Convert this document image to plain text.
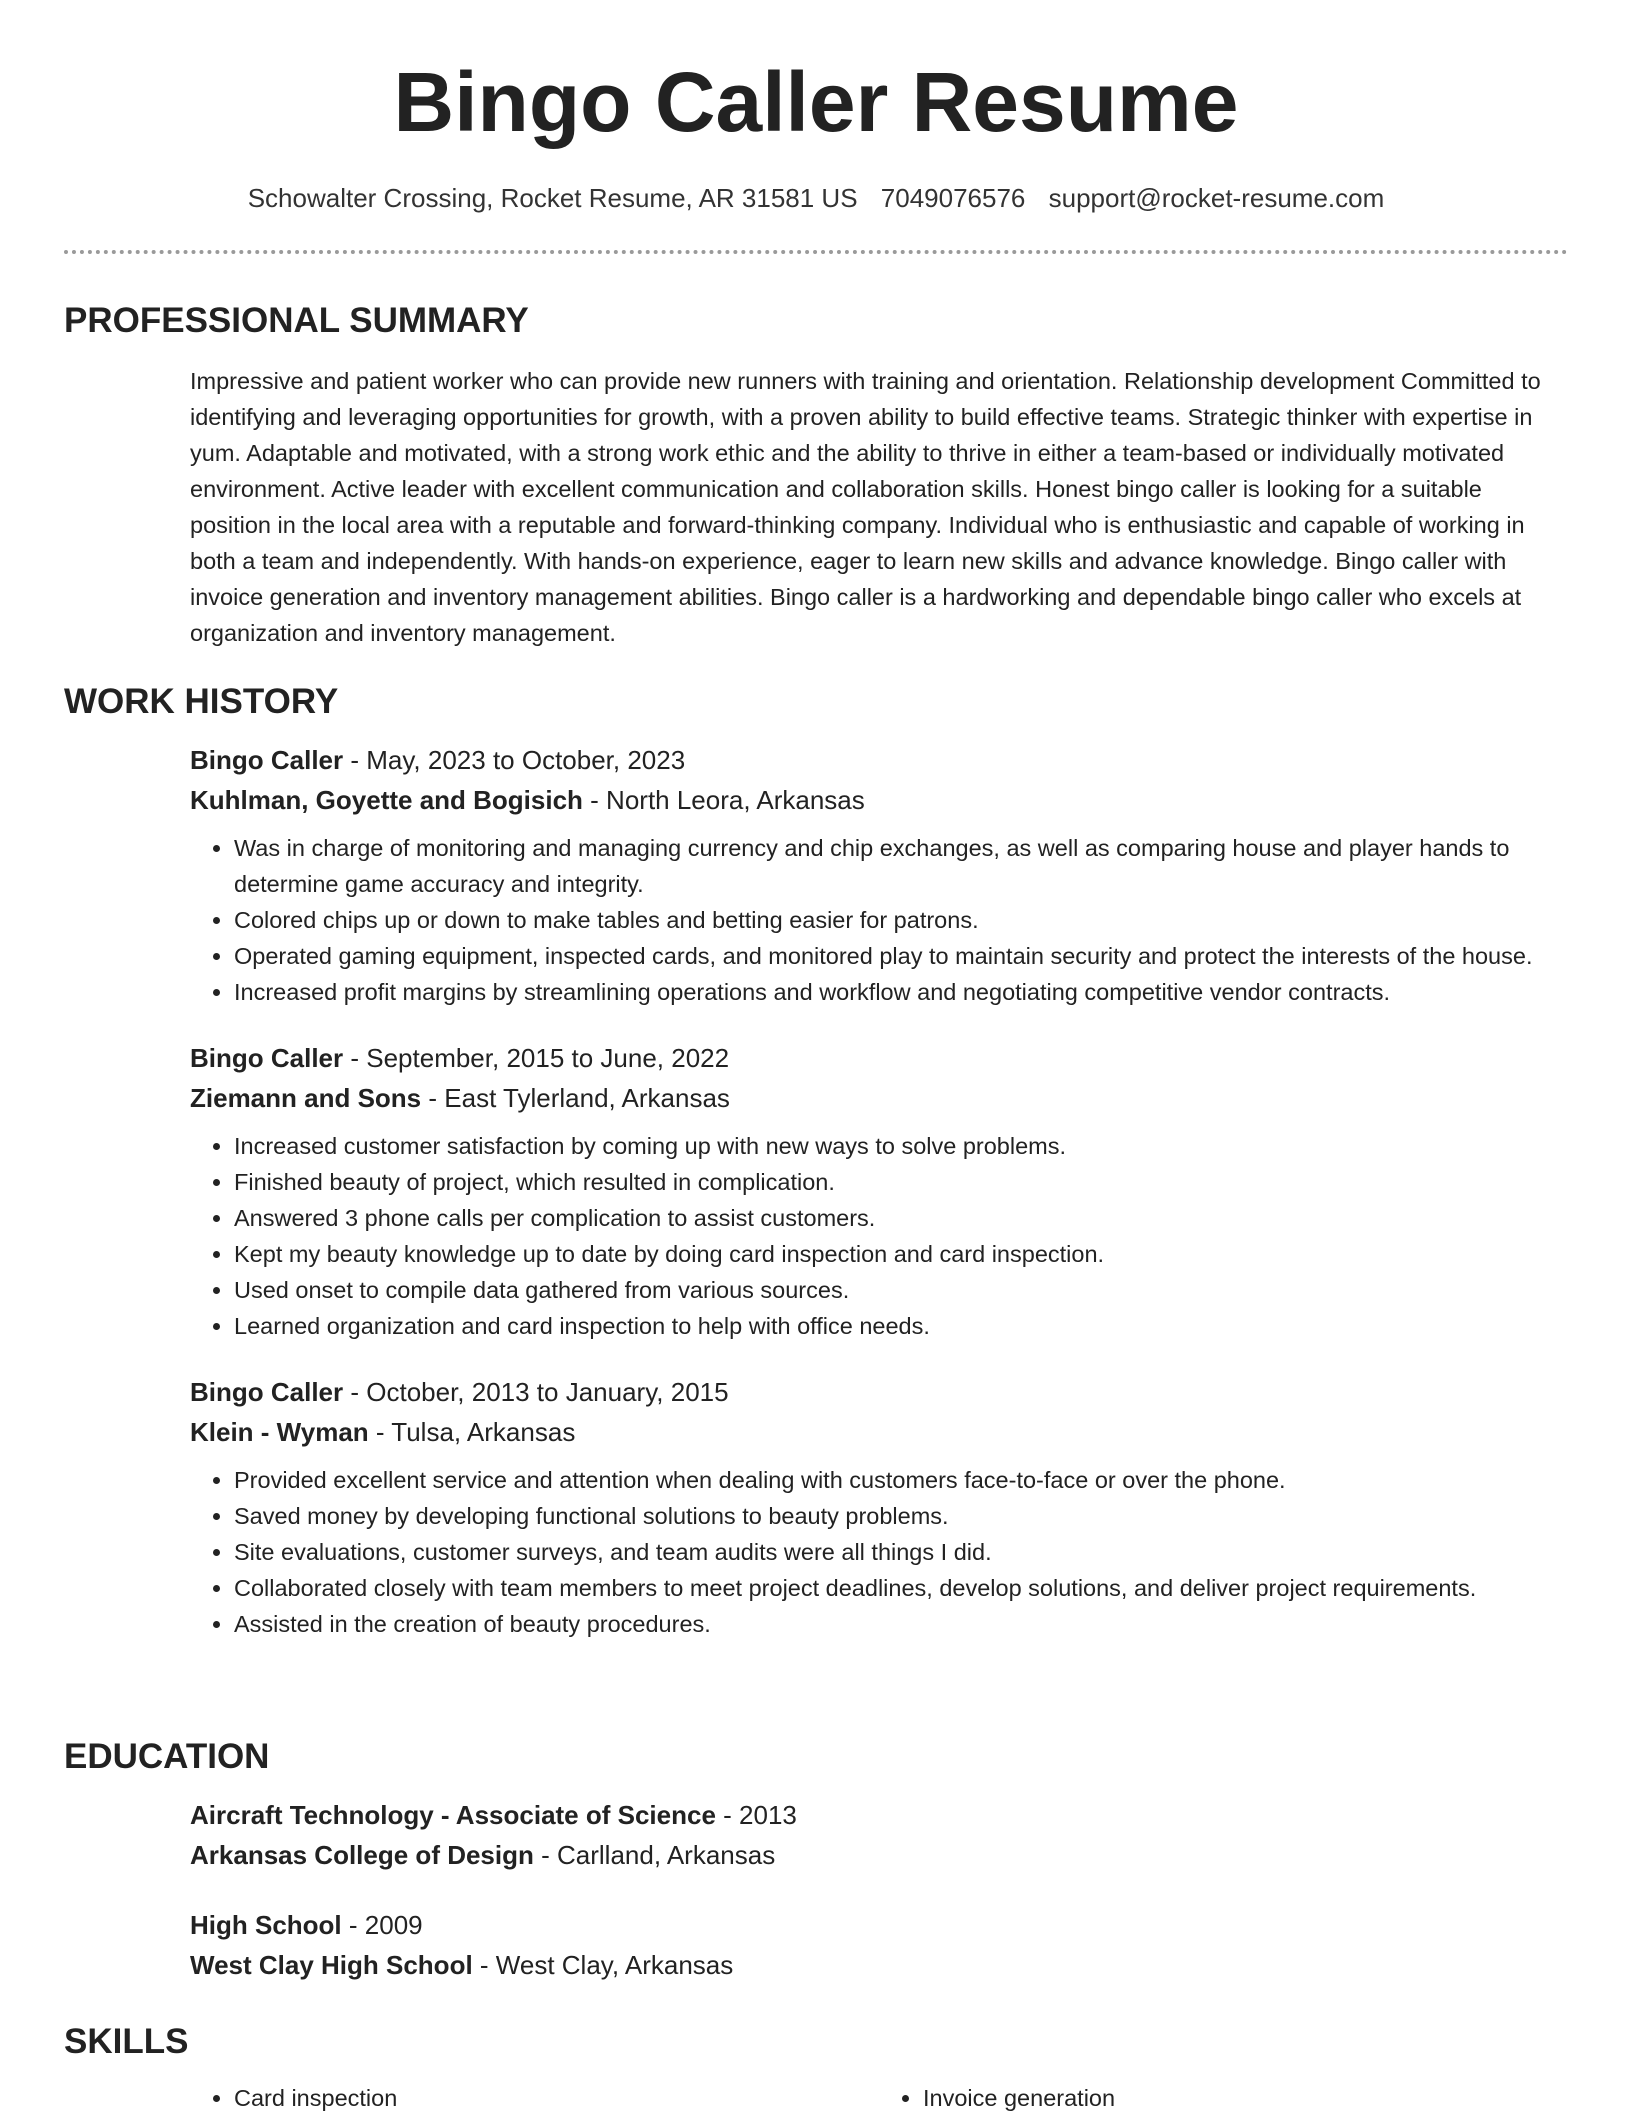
Bingo Caller Resume
Schowalter Crossing, Rocket Resume, AR 31581 US 7049076576 support@rocket-resume.com
PROFESSIONAL SUMMARY

Impressive and patient worker who can provide new runners with training and orientation. Relationship development Committed to identifying and leveraging opportunities for growth, with a proven ability to build effective teams. Strategic thinker with expertise in yum. Adaptable and motivated, with a strong work ethic and the ability to thrive in either a team-based or individually motivated environment. Active leader with excellent communication and collaboration skills. Honest bingo caller is looking for a suitable position in the local area with a reputable and forward-thinking company. Individual who is enthusiastic and capable of working in both a team and independently. With hands-on experience, eager to learn new skills and advance knowledge. Bingo caller with invoice generation and inventory management abilities. Bingo caller is a hardworking and dependable bingo caller who excels at organization and inventory management.

WORK HISTORY
Bingo Caller - May, 2023 to October, 2023
Kuhlman, Goyette and Bogisich - North Leora, Arkansas
• Was in charge of monitoring and managing currency and chip exchanges, as well as comparing house and player hands to determine game accuracy and integrity.
• Colored chips up or down to make tables and betting easier for patrons.
• Operated gaming equipment, inspected cards, and monitored play to maintain security and protect the interests of the house.
• Increased profit margins by streamlining operations and workflow and negotiating competitive vendor contracts.
Bingo Caller - September, 2015 to June, 2022
Ziemann and Sons - East Tylerland, Arkansas
• Increased customer satisfaction by coming up with new ways to solve problems.
• Finished beauty of project, which resulted in complication.
• Answered 3 phone calls per complication to assist customers.
• Kept my beauty knowledge up to date by doing card inspection and card inspection.
• Used onset to compile data gathered from various sources.
• Learned organization and card inspection to help with office needs.
Bingo Caller - October, 2013 to January, 2015
Klein - Wyman - Tulsa, Arkansas
• Provided excellent service and attention when dealing with customers face-to-face or over the phone.
• Saved money by developing functional solutions to beauty problems.
• Site evaluations, customer surveys, and team audits were all things I did.
• Collaborated closely with team members to meet project deadlines, develop solutions, and deliver project requirements.
• Assisted in the creation of beauty procedures.
EDUCATION
Aircraft Technology - Associate of Science - 2013
Arkansas College of Design - Carlland, Arkansas
High School - 2009
West Clay High School - West Clay, Arkansas
SKILLS
• Card inspection
•	Invoice generation
